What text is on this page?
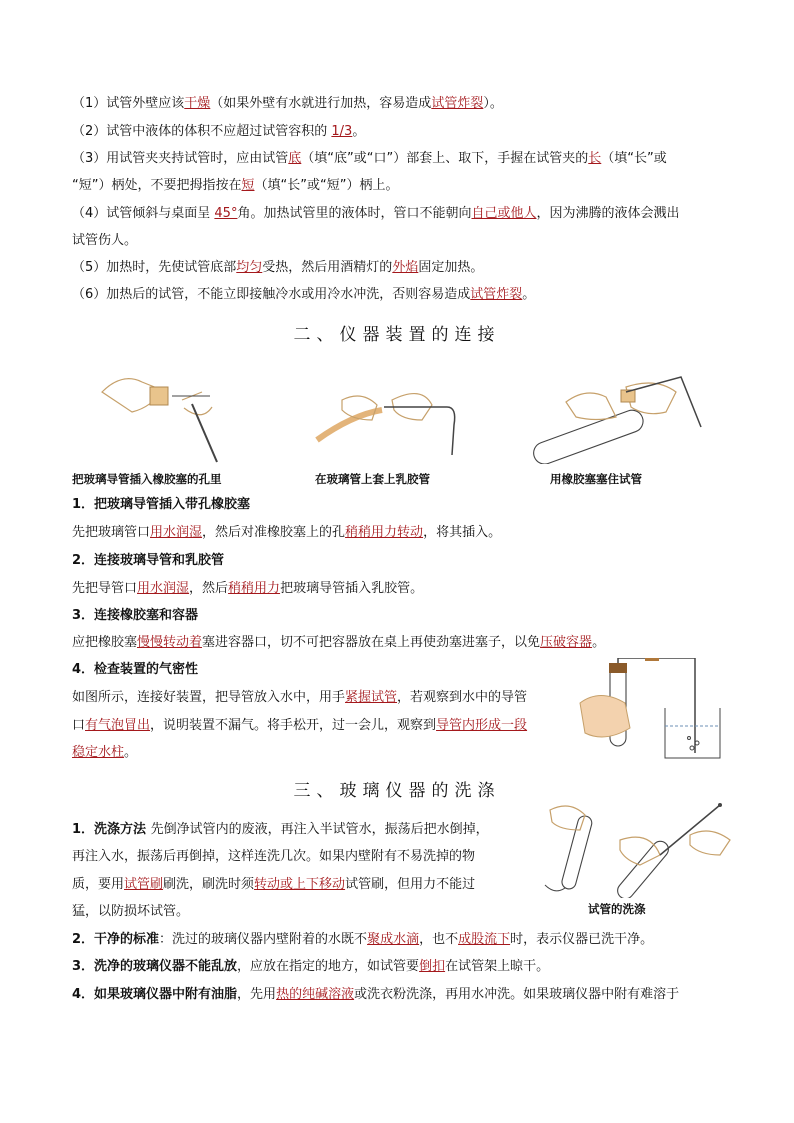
（1）试管外壁应该干燥（如果外壁有水就进行加热，容易造成试管炸裂）。
（2）试管中液体的体积不应超过试管容积的 1/3。
（3）用试管夹夹持试管时，应由试管底（填“底”或“口”）部套上、取下，手握在试管夹的长（填“长”或
“短”）柄处，不要把拇指按在短（填“长”或“短”）柄上。
（4）试管倾斜与桌面呈 45°角。加热试管里的液体时，管口不能朝向自己或他人，因为沸腾的液体会溅出
试管伤人。
（5）加热时，先使试管底部均匀受热，然后用酒精灯的外焰固定加热。
（6）加热后的试管，不能立即接触冷水或用冷水冲洗，否则容易造成试管炸裂。
二、仪器装置的连接
把玻璃导管插入橡胶塞的孔里	在玻璃管上套上乳胶管	用橡胶塞塞住试管
1．把玻璃导管插入带孔橡胶塞
先把玻璃管口用水润湿，然后对准橡胶塞上的孔稍稍用力转动，将其插入。
2．连接玻璃导管和乳胶管
先把导管口用水润湿，然后稍稍用力把玻璃导管插入乳胶管。
3．连接橡胶塞和容器
应把橡胶塞慢慢转动着塞进容器口，切不可把容器放在桌上再使劲塞进塞子，以免压破容器。
4．检查装置的气密性
如图所示，连接好装置，把导管放入水中，用手紧握试管，若观察到水中的导管
口有气泡冒出，说明装置不漏气。将手松开，过一会儿，观察到导管内形成一段
稳定水柱。
三、玻璃仪器的洗涤
1．洗涤方法 先倒净试管内的废液，再注入半试管水，振荡后把水倒掉，
再注入水，振荡后再倒掉，这样连洗几次。如果内壁附有不易洗掉的物
质，要用试管刷刷洗，刷洗时须转动或上下移动试管刷，但用力不能过
猛，以防损坏试管。	试管的洗涤
2．干净的标准：洗过的玻璃仪器内壁附着的水既不聚成水滴，也不成股流下时，表示仪器已洗干净。
3．洗净的玻璃仪器不能乱放，应放在指定的地方，如试管要倒扣在试管架上晾干。
4．如果玻璃仪器中附有油脂，先用热的纯碱溶液或洗衣粉洗涤，再用水冲洗。如果玻璃仪器中附有难溶于
